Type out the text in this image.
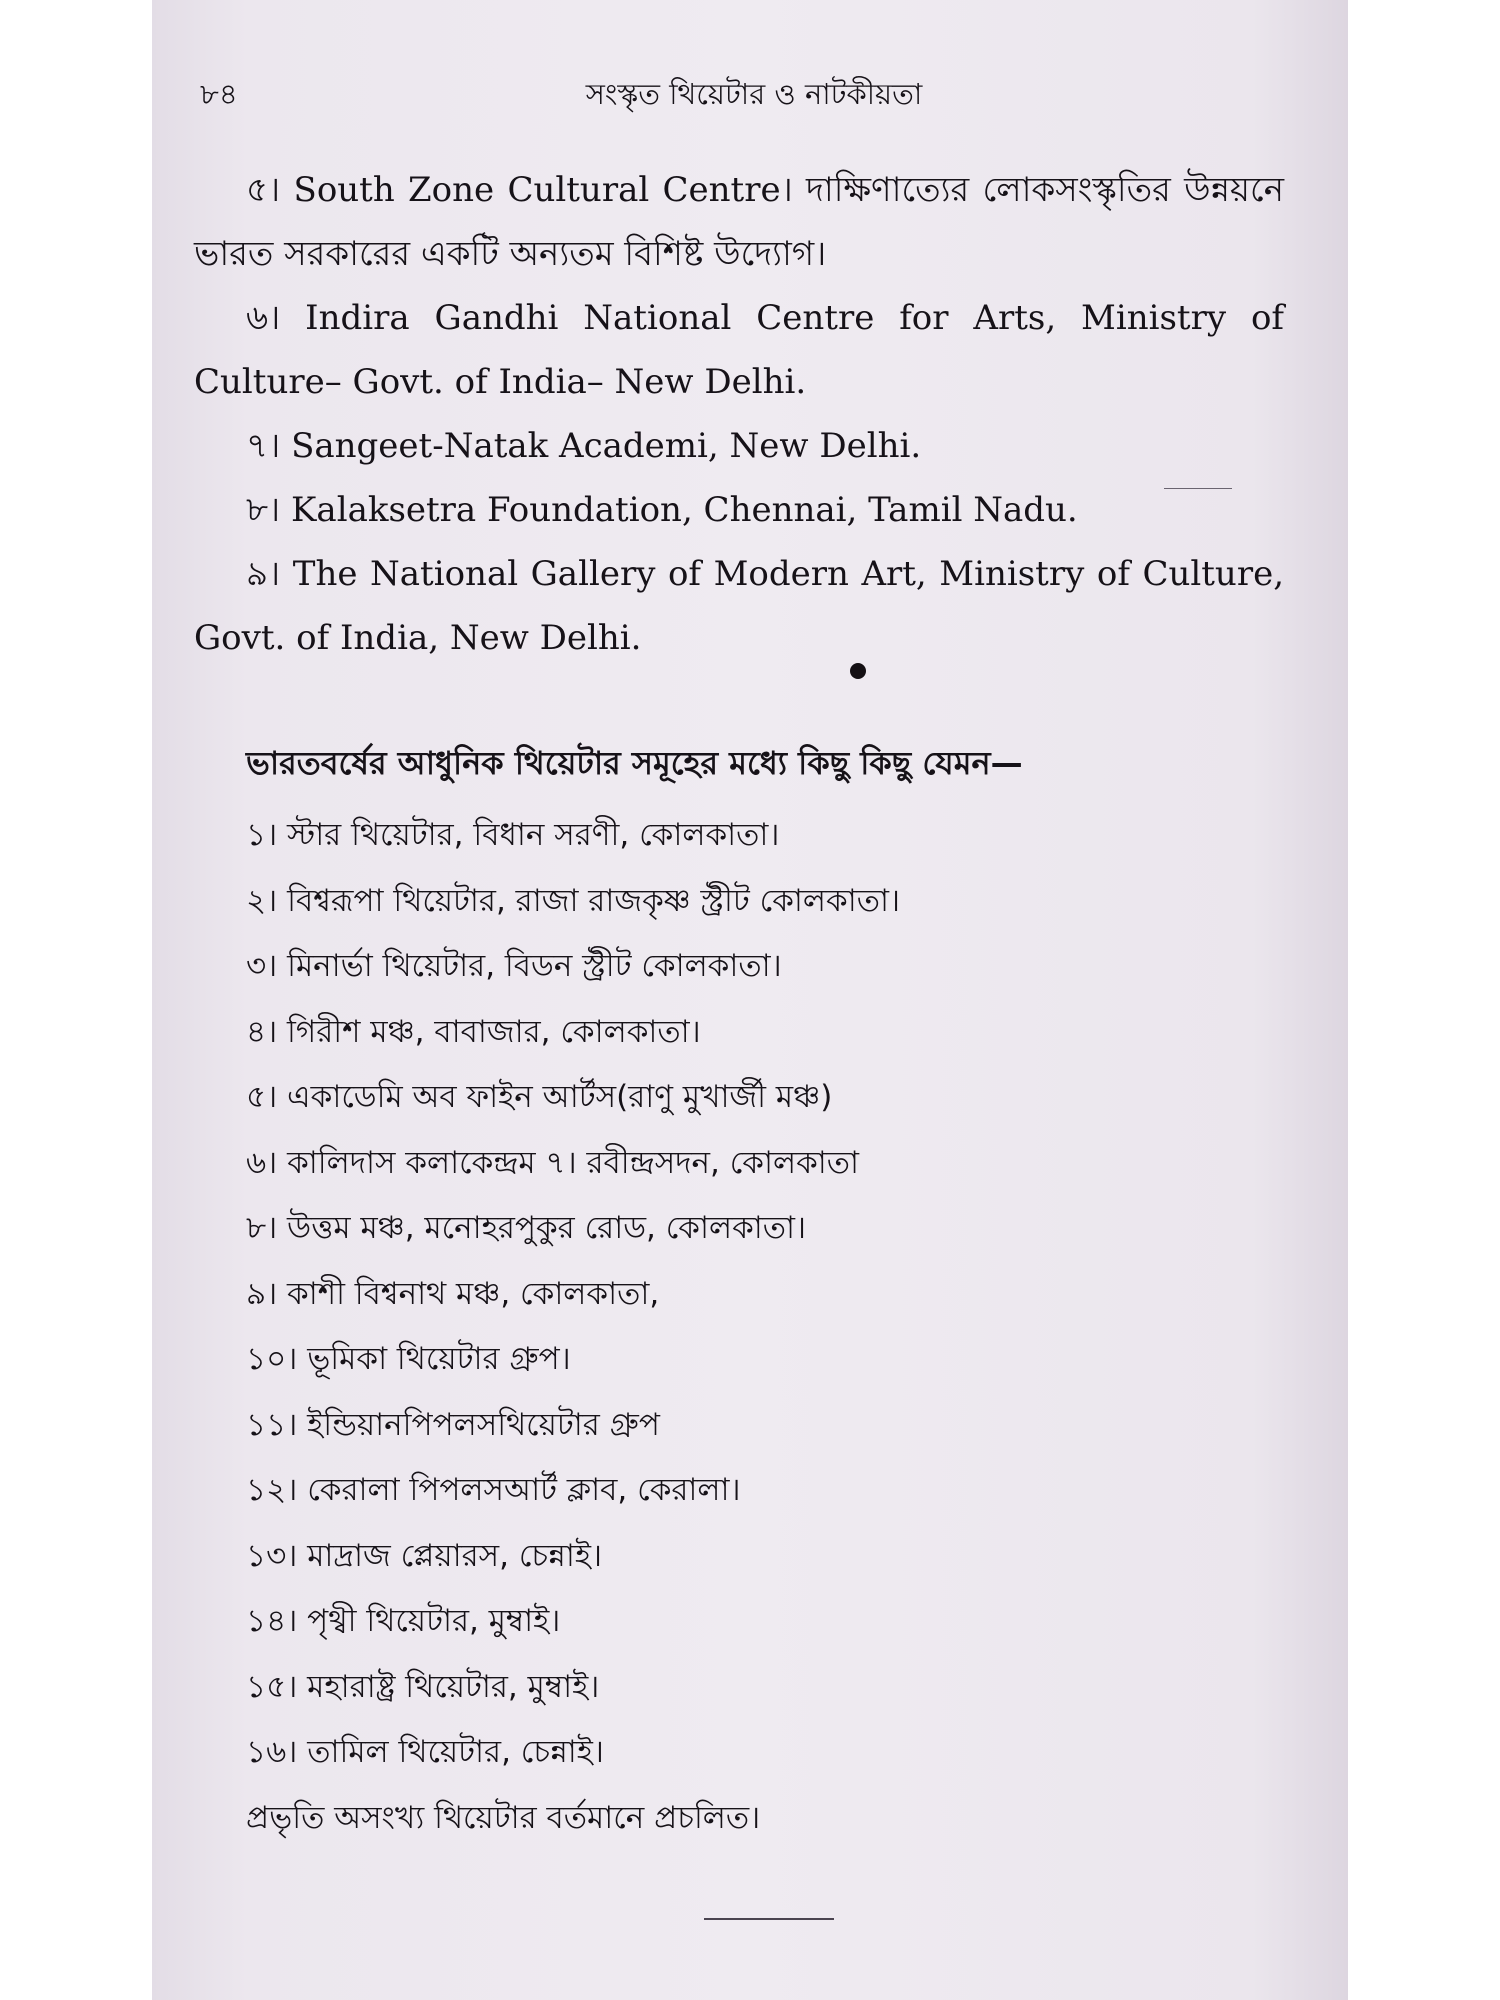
৮৪	সংস্কৃত থিয়েটার ও নাটকীয়তা

৫। South Zone Cultural Centre। দাক্ষিণাত্যের লোকসংস্কৃতির উন্নয়নে ভারত সরকারের একটি অন্যতম বিশিষ্ট উদ্যোগ।

৬। Indira Gandhi National Centre for Arts, Ministry of Culture– Govt. of India– New Delhi.

৭। Sangeet-Natak Academi, New Delhi.

৮। Kalaksetra Foundation, Chennai, Tamil Nadu.

৯। The National Gallery of Modern Art, Ministry of Culture, Govt. of India, New Delhi.

ভারতবর্ষের আধুনিক থিয়েটার সমূহের মধ্যে কিছু কিছু যেমন—
১। স্টার থিয়েটার, বিধান সরণী, কোলকাতা।
২। বিশ্বরূপা থিয়েটার, রাজা রাজকৃষ্ণ স্ট্রীট কোলকাতা।
৩। মিনার্ভা থিয়েটার, বিডন স্ট্রীট কোলকাতা।
৪। গিরীশ মঞ্চ, বাবাজার, কোলকাতা।
৫। একাডেমি অব ফাইন আর্টস(রাণু মুখার্জী মঞ্চ)
৬। কালিদাস কলাকেন্দ্রম ৭। রবীন্দ্রসদন, কোলকাতা
৮। উত্তম মঞ্চ, মনোহরপুকুর রোড, কোলকাতা।
৯। কাশী বিশ্বনাথ মঞ্চ, কোলকাতা,
১০। ভূমিকা থিয়েটার গ্রুপ।
১১। ইন্ডিয়ানপিপলসথিয়েটার গ্রুপ
১২। কেরালা পিপলসআর্ট ক্লাব, কেরালা।
১৩। মাদ্রাজ প্লেয়ারস, চেন্নাই।
১৪। পৃথ্বী থিয়েটার, মুম্বাই।
১৫। মহারাষ্ট্র থিয়েটার, মুম্বাই।
১৬। তামিল থিয়েটার, চেন্নাই।
প্রভৃতি অসংখ্য থিয়েটার বর্তমানে প্রচলিত।
